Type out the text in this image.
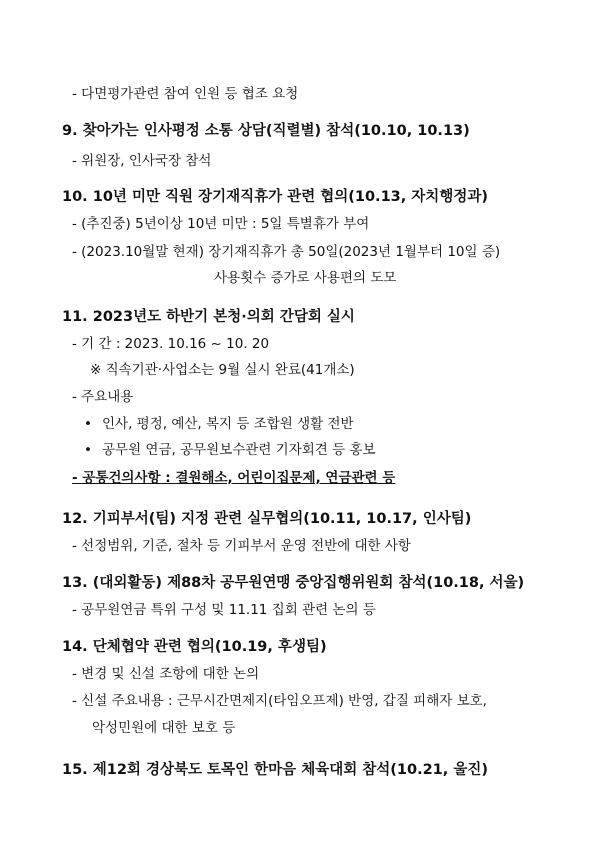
- 다면평가관련 참여 인원 등 협조 요청
9. 찾아가는 인사평정 소통 상담(직렬별) 참석(10.10, 10.13)
- 위원장, 인사국장 참석
10. 10년 미만 직원 장기재직휴가 관련 협의(10.13, 자치행정과)
- (추진중) 5년이상 10년 미만 : 5일 특별휴가 부여
- (2023.10월말 현재) 장기재직휴가 총 50일(2023년 1월부터 10일 증)
사용횟수 증가로 사용편의 도모
11. 2023년도 하반기 본청·의회 간담회 실시
- 기 간 : 2023. 10.16 ~ 10. 20
※ 직속기관·사업소는 9월 실시 완료(41개소)
- 주요내용
• 인사, 평정, 예산, 복지 등 조합원 생활 전반
• 공무원 연금, 공무원보수관련 기자회견 등 홍보
- 공통건의사항 : 결원해소, 어린이집문제, 연금관련 등
12. 기피부서(팀) 지정 관련 실무협의(10.11, 10.17, 인사팀)
- 선정범위, 기준, 절차 등 기피부서 운영 전반에 대한 사항
13. (대외활동) 제88차 공무원연맹 중앙집행위원회 참석(10.18, 서울)
- 공무원연금 특위 구성 및 11.11 집회 관련 논의 등
14. 단체협약 관련 협의(10.19, 후생팀)
- 변경 및 신설 조항에 대한 논의
- 신설 주요내용 : 근무시간면제지(타임오프제) 반영, 갑질 피해자 보호,
악성민원에 대한 보호 등
15. 제12회 경상북도 토목인 한마음 체육대회 참석(10.21, 울진)
